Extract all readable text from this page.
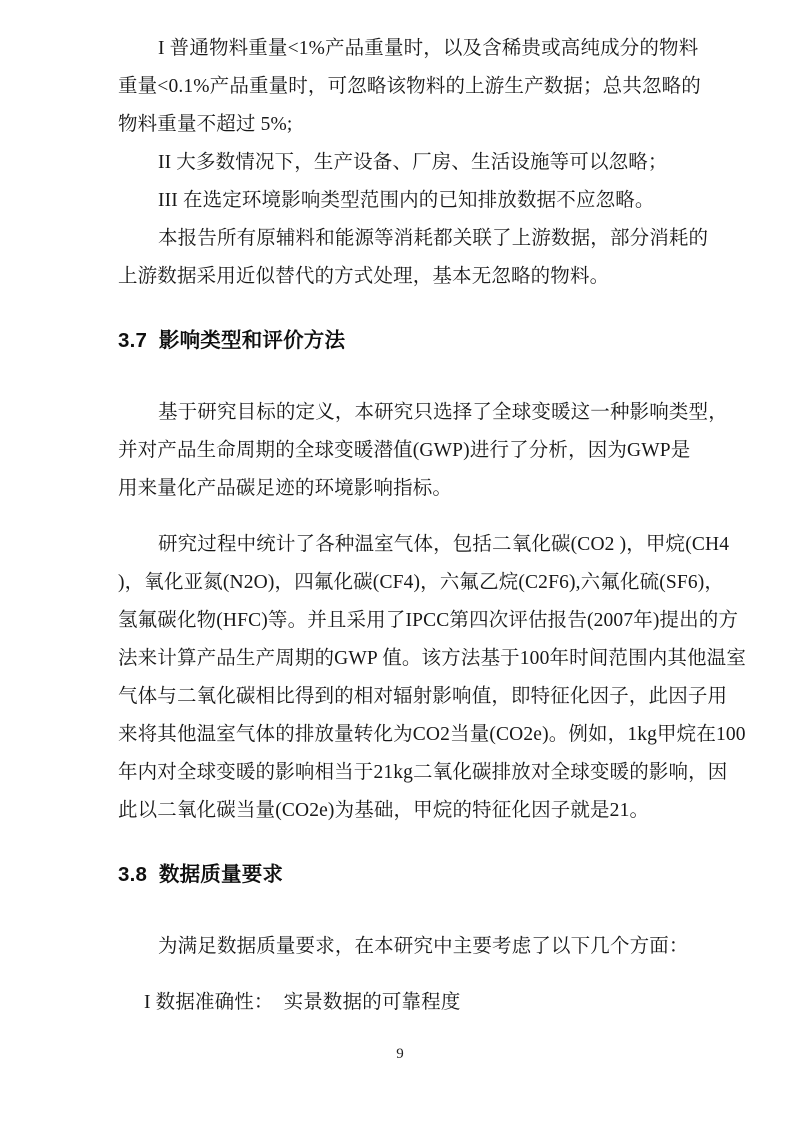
I 普通物料重量<1%产品重量时，以及含稀贵或高纯成分的物料
重量<0.1%产品重量时，可忽略该物料的上游生产数据；总共忽略的
物料重量不超过 5%;
II 大多数情况下，生产设备、厂房、生活设施等可以忽略；
III 在选定环境影响类型范围内的已知排放数据不应忽略。
本报告所有原辅料和能源等消耗都关联了上游数据，部分消耗的
上游数据采用近似替代的方式处理，基本无忽略的物料。
3.7  影响类型和评价方法
基于研究目标的定义，本研究只选择了全球变暖这一种影响类型，
并对产品生命周期的全球变暖潜值(GWP)进行了分析，因为GWP是
用来量化产品碳足迹的环境影响指标。
研究过程中统计了各种温室气体，包括二氧化碳(CO2 )，甲烷(CH4
)，氧化亚氮(N2O)，四氟化碳(CF4)，六氟乙烷(C2F6),六氟化硫(SF6)，
氢氟碳化物(HFC)等。并且采用了IPCC第四次评估报告(2007年)提出的方
法来计算产品生产周期的GWP 值。该方法基于100年时间范围内其他温室
气体与二氧化碳相比得到的相对辐射影响值，即特征化因子，此因子用
来将其他温室气体的排放量转化为CO2当量(CO2e)。例如，1kg甲烷在100
年内对全球变暖的影响相当于21kg二氧化碳排放对全球变暖的影响，因
此以二氧化碳当量(CO2e)为基础，甲烷的特征化因子就是21。
3.8  数据质量要求
为满足数据质量要求，在本研究中主要考虑了以下几个方面：
I 数据准确性：  实景数据的可靠程度
9
